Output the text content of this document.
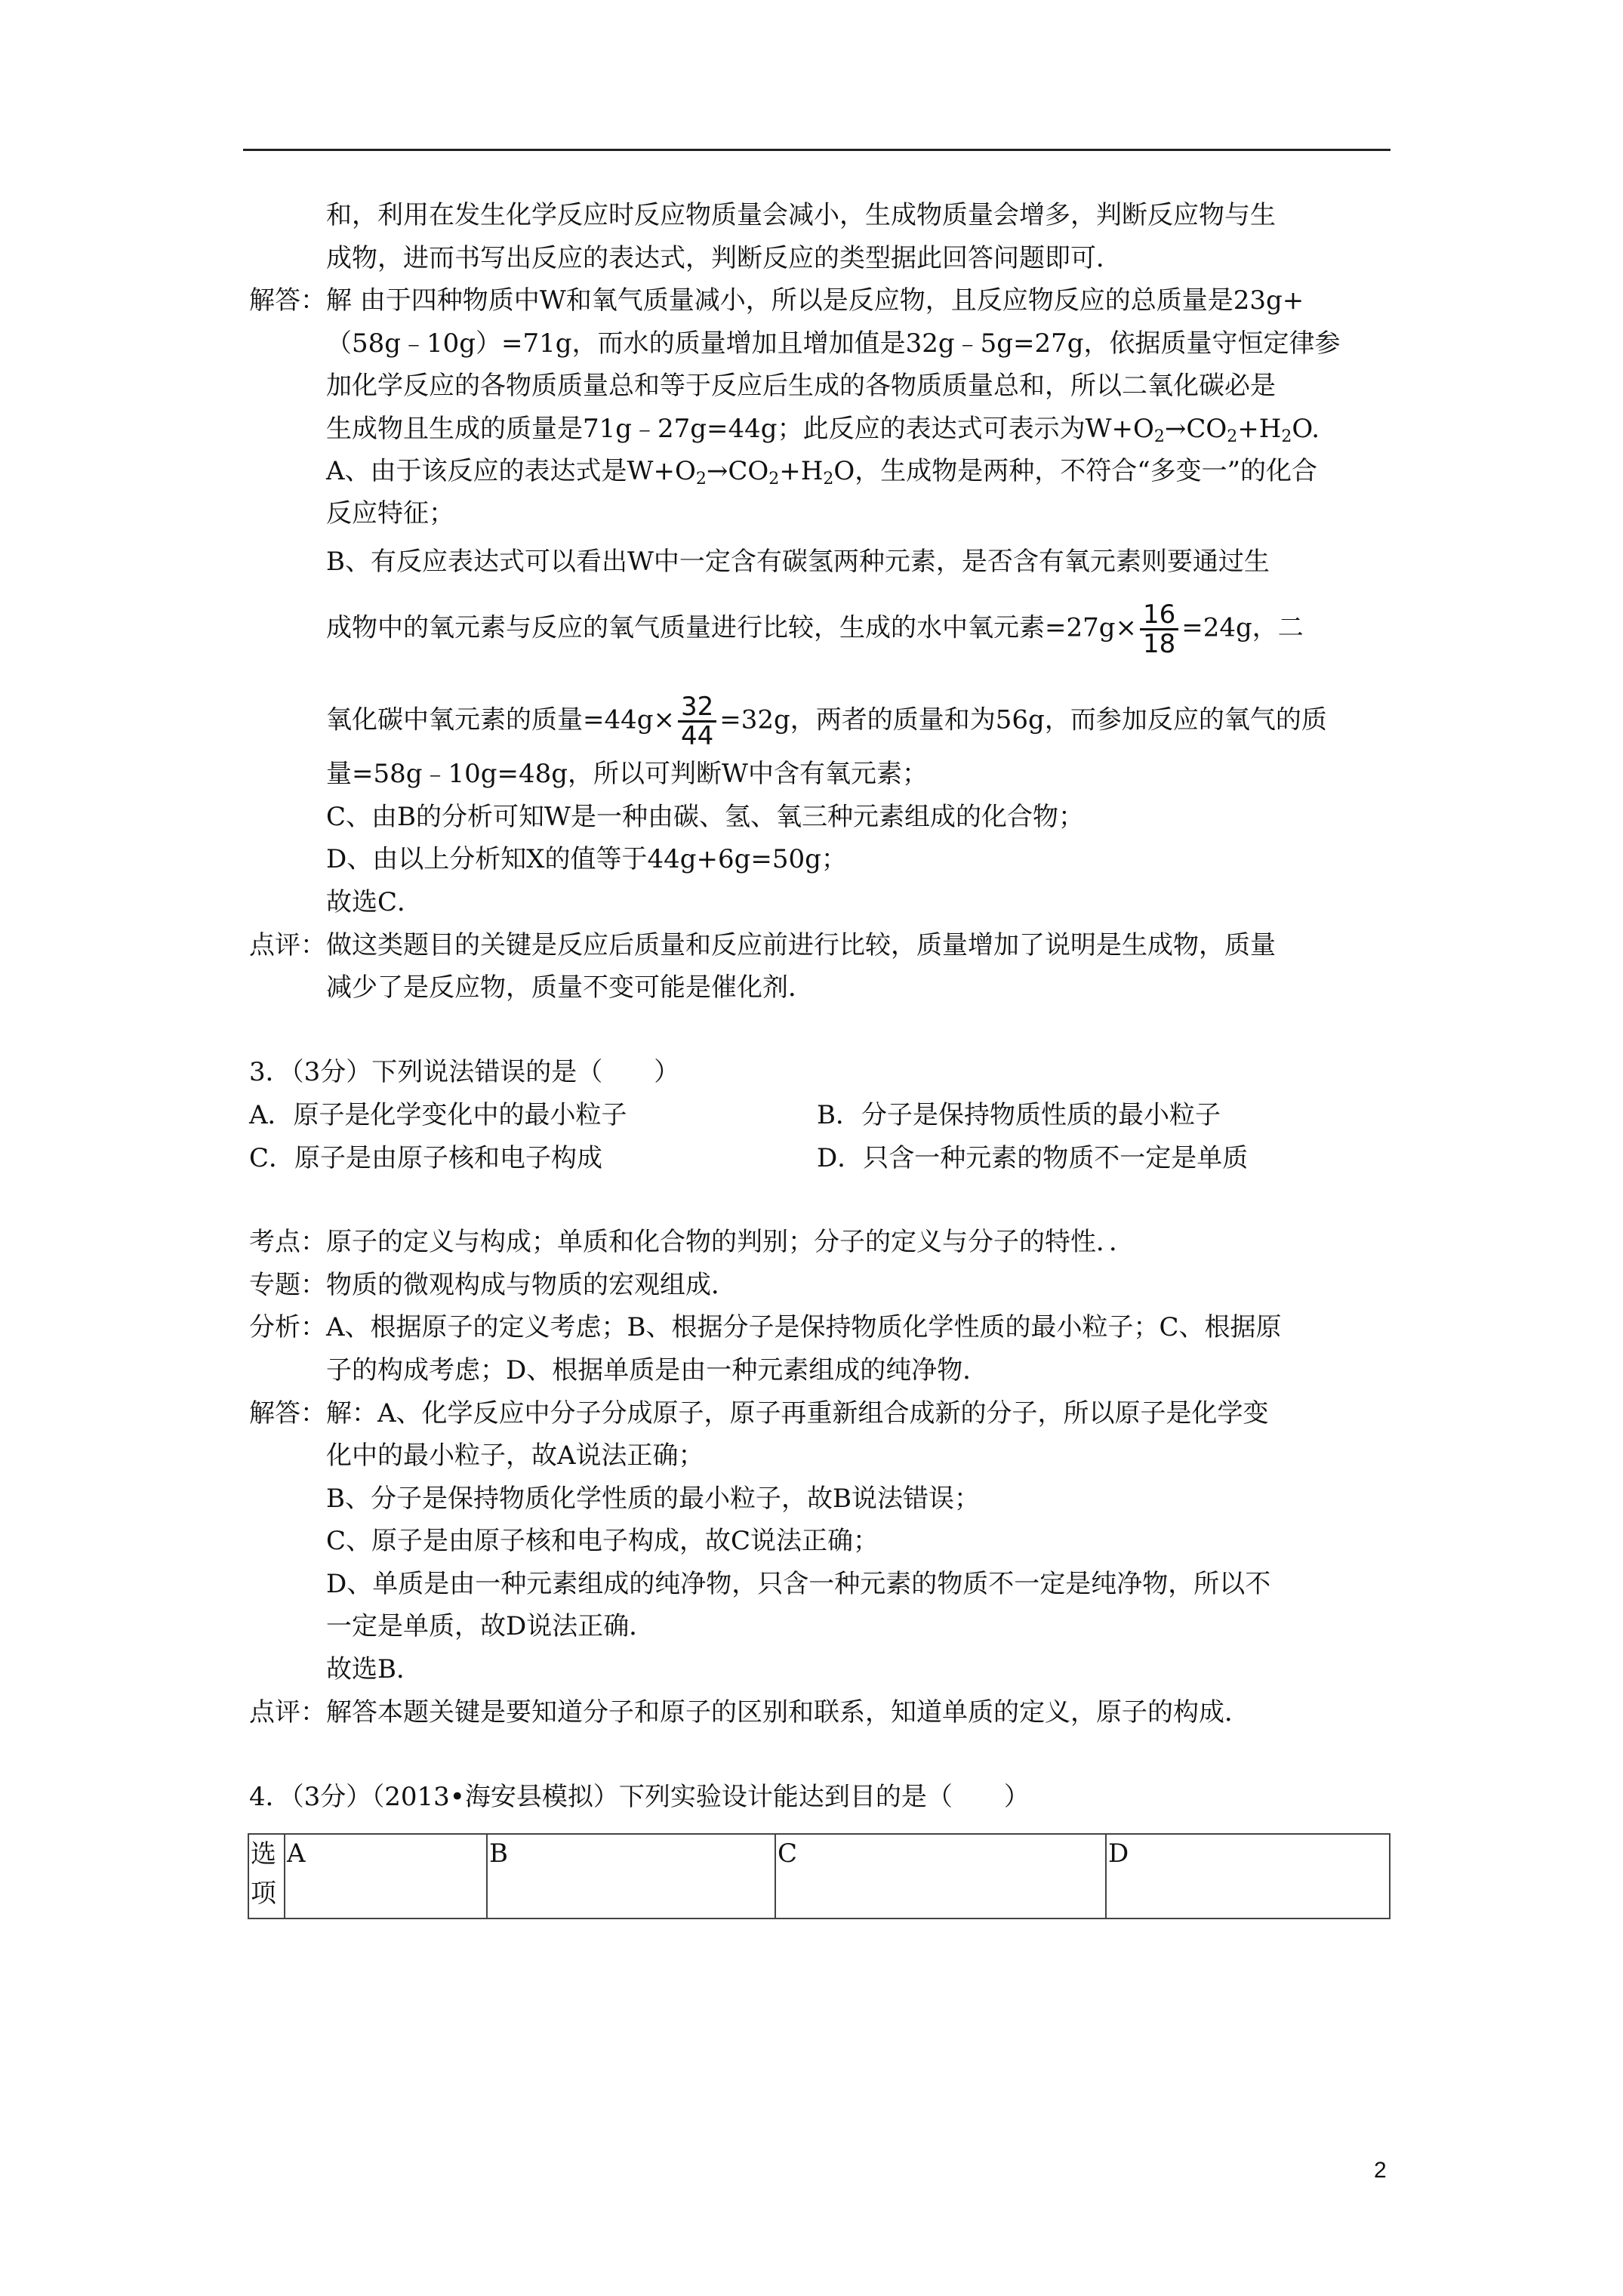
和，利用在发生化学反应时反应物质量会减小，生成物质量会增多，判断反应物与生
成物，进而书写出反应的表达式，判断反应的类型据此回答问题即可．
解答： 解 由于四种物质中W和氧气质量减小，所以是反应物，且反应物反应的总质量是23g+
（58g﹣10g）=71g，而水的质量增加且增加值是32g﹣5g=27g，依据质量守恒定律参
加化学反应的各物质质量总和等于反应后生成的各物质质量总和，所以二氧化碳必是
生成物且生成的质量是71g﹣27g=44g；此反应的表达式可表示为$W+O_2\to CO_2+H_2O$.
A、由于该反应的表达式是$W+O_2\to CO_2+H_2O$，生成物是两种，不符合“多变一”的化合
反应特征；
B、有反应表达式可以看出W中一定含有碳氢两种元素，是否含有氧元素则要通过生
成物中的氧元素与反应的氧气质量进行比较，生成的水中氧元素$=27g\times \frac{16}{18} =24g$，二
氧化碳中氧元素的质量$=44g\times \frac{32}{44} =32g$，两者的质量和为56g，而参加反应的氧气的质
量=58g﹣10g=48g，所以可判断W中含有氧元素；
C、由B的分析可知W是一种由碳、氢、氧三种元素组成的化合物；
D、由以上分析知X的值等于44g+6g=50g；
故选C．
点评： 做这类题目的关键是反应后质量和反应前进行比较，质量增加了说明是生成物，质量
减少了是反应物，质量不变可能是催化剂．
3．（3分）下列说法错误的是（　　）
A．原子是化学变化中的最小粒子	B．分子是保持物质性质的最小粒子
C．原子是由原子核和电子构成	D．只含一种元素的物质不一定是单质
考点：原子的定义与构成；单质和化合物的判别；分子的定义与分子的特性．．
专题：物质的微观构成与物质的宏观组成．
分析：A、根据原子的定义考虑；B、根据分子是保持物质化学性质的最小粒子；C、根据原
子的构成考虑；D、根据单质是由一种元素组成的纯净物．
解答：解：A、化学反应中分子分成原子，原子再重新组合成新的分子，所以原子是化学变
化中的最小粒子，故A说法正确；
B、分子是保持物质化学性质的最小粒子，故B说法错误；
C、原子是由原子核和电子构成，故C说法正确；
D、单质是由一种元素组成的纯净物，只含一种元素的物质不一定是纯净物，所以不
一定是单质，故D说法正确．
故选B．
点评：解答本题关键是要知道分子和原子的区别和联系，知道单质的定义，原子的构成．
4．（3分）（2013•海安县模拟）下列实验设计能达到目的是（　　）
选项	A	B	C	D
2
